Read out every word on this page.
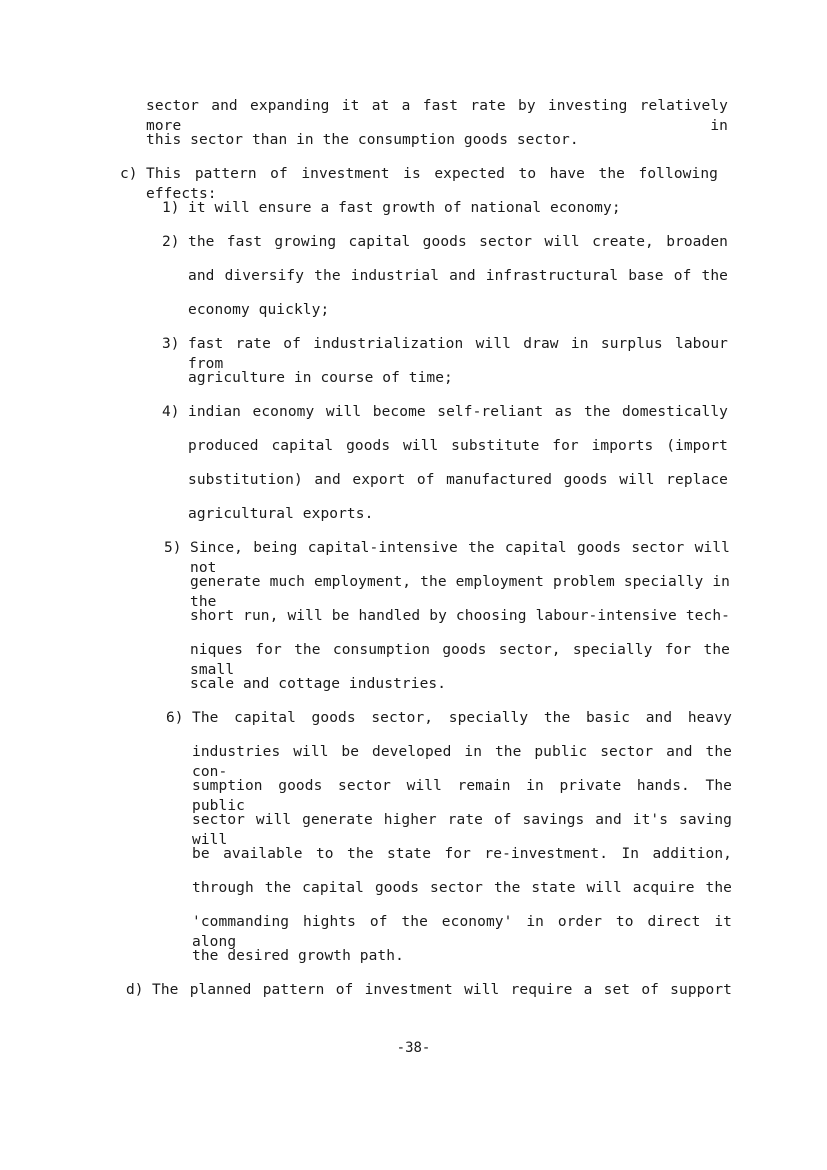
sector and expanding it at a fast rate by investing relatively more in
this sector than in the consumption goods sector.
c) This pattern of investment is expected to have the following effects:
1) it will ensure a fast growth of national economy;
2) the fast growing capital goods sector will create, broaden
and diversify the industrial and infrastructural base of the
economy quickly;
3) fast rate of industrialization will draw in surplus labour from
agriculture in course of time;
4) indian economy will become self-reliant as the domestically
produced capital goods will substitute for imports (import
substitution) and export of manufactured goods will replace
agricultural exports.
5) Since, being capital-intensive the capital goods sector will not
generate much employment, the employment problem specially in the
short run, will be handled by choosing labour-intensive tech-
niques for the consumption goods sector, specially for the small
scale and cottage industries.
6) The capital goods sector, specially the basic and heavy
industries will be developed in the public sector and the con-
sumption goods sector will remain in private hands. The public
sector will generate higher rate of savings and it's saving will
be available to the state for re-investment. In addition,
through the capital goods sector the state will acquire the
'commanding hights of the economy' in order to direct it along
the desired growth path.
d) The planned pattern of investment will require a set of support
-38-
